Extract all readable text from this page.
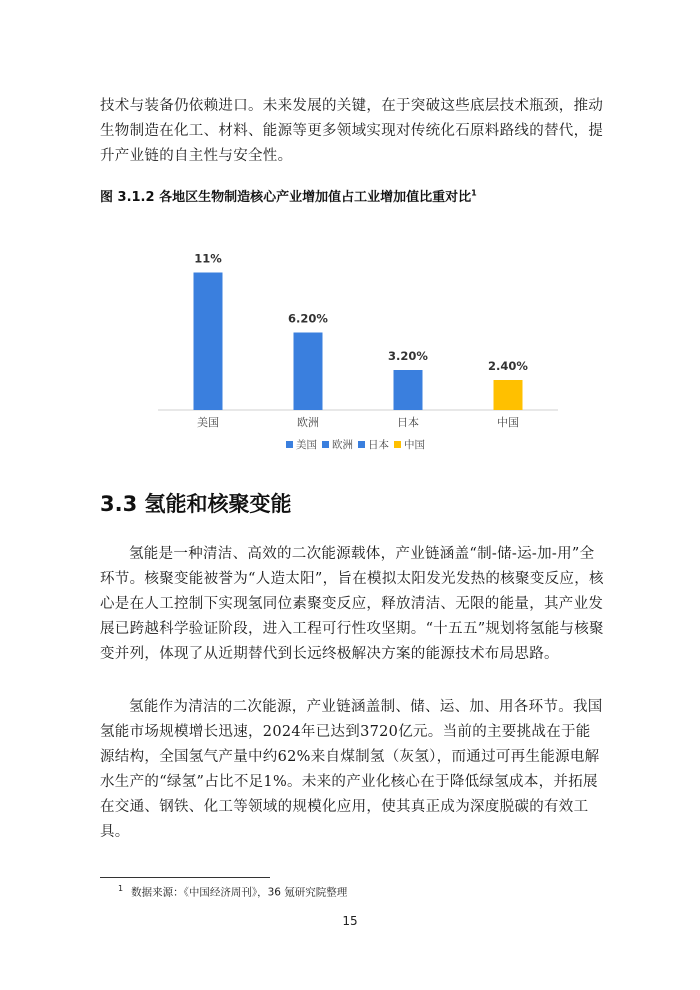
技术与装备仍依赖进口。未来发展的关键，在于突破这些底层技术瓶颈，推动生物制造在化工、材料、能源等更多领域实现对传统化石原料路线的替代，提升产业链的自主性与安全性。

图 3.1.2 各地区生物制造核心产业增加值占工业增加值比重对比$^1$

11%
美国
6.20%
欧洲
3.20%
日本
2.40%
中国
美国 欧洲 日本 中国
3.3 氢能和核聚变能

氢能是一种清洁、高效的二次能源载体，产业链涵盖“制-储-运-加-用”全环节。核聚变能被誉为“人造太阳”，旨在模拟太阳发光发热的核聚变反应，核心是在人工控制下实现氢同位素聚变反应，释放清洁、无限的能量，其产业发展已跨越科学验证阶段，进入工程可行性攻坚期。“十五五”规划将氢能与核聚变并列，体现了从近期替代到长远终极解决方案的能源技术布局思路。

氢能作为清洁的二次能源，产业链涵盖制、储、运、加、用各环节。我国氢能市场规模增长迅速，2024年已达到3720亿元。当前的主要挑战在于能源结构，全国氢气产量中约62%来自煤制氢（灰氢），而通过可再生能源电解水生产的“绿氢”占比不足1%。未来的产业化核心在于降低绿氢成本，并拓展在交通、钢铁、化工等领域的规模化应用，使其真正成为深度脱碳的有效工具。

$^1$ 数据来源：《中国经济周刊》，36 氪研究院整理

15
